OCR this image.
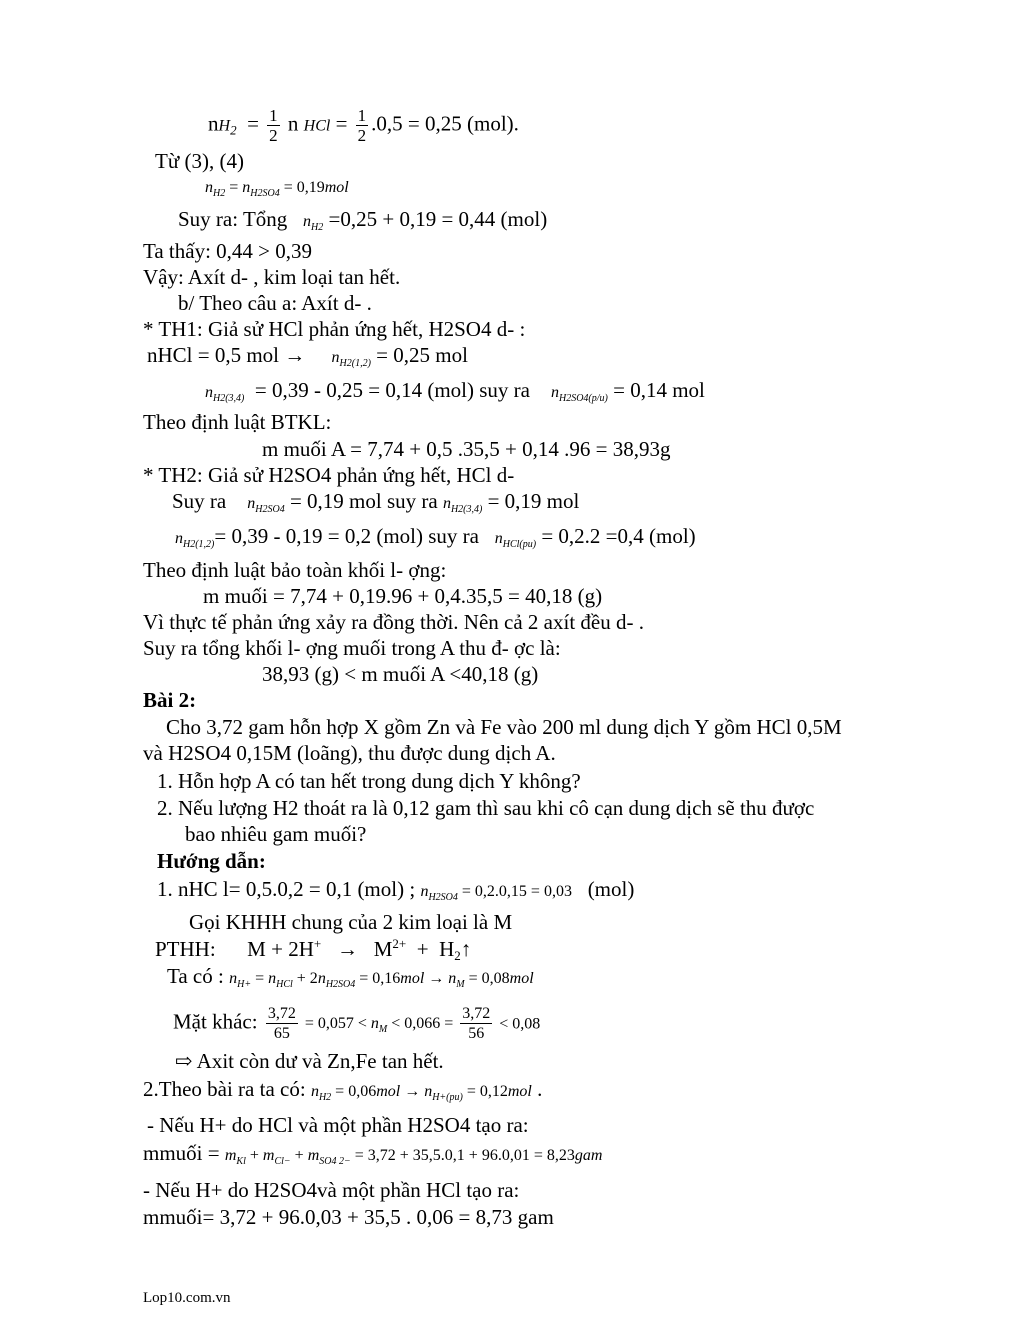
$nH_2 = \frac{1}{2}$ n HCl = $\frac{1}{2} .0,5 = 0,25$ (mol).
Từ (3), (4)
$n_{H2} = n_{H2SO4} = 0,19mol$
Suy ra: Tổng $n_{H2} =0,25 + 0,19 = 0,44$ (mol)
Ta thấy: 0,44 > 0,39
Vậy: Axít d- , kim loại tan hết.
b/ Theo câu a: Axít d- .
* TH1: Giả sử HCl phản ứng hết, H2SO4 d- :
nHCl = 0,5 mol → $n_{H2(1,2)} = 0,25$ mol
$n_{H2(3,4)} = 0,39 - 0,25 = 0,14$ (mol) suy ra $n_{H2SO4(p/u)} = 0,14$ mol
Theo định luật BTKL:
m muối A = 7,74 + 0,5 .35,5 + 0,14 .96 = 38,93g
* TH2: Giả sử H2SO4 phản ứng hết, HCl d-
Suy ra $n_{H2SO4} = 0,19$ mol suy ra $n_{H2(3,4)} = 0,19$ mol
$n_{H2(1,2)}= 0,39 - 0,19 = 0,2$ (mol) suy ra $n_{HCl(pu)} = 0,2.2 =0,4$ (mol)
Theo định luật bảo toàn khối l- ợng:
m muối = 7,74 + 0,19.96 + 0,4.35,5 = 40,18 (g)
Vì thực tế phản ứng xảy ra đồng thời. Nên cả 2 axít đều d- .
Suy ra tổng khối l- ợng muối trong A thu đ- ợc là:
38,93 (g) < m muối A <40,18 (g)
Bài 2:
Cho 3,72 gam hỗn hợp X gồm Zn và Fe vào 200 ml dung dịch Y gồm HCl 0,5M
và H2SO4 0,15M (loãng), thu được dung dịch A.
1. Hỗn hợp A có tan hết trong dung dịch Y không?
2. Nếu lượng H2 thoát ra là 0,12 gam thì sau khi cô cạn dung dịch sẽ thu được
bao nhiêu gam muối?
Hướng dẫn:
1. nHC l= 0,5.0,2 = 0,1 (mol) ; $n_{H2SO4} = 0,2.0,15 = 0,03$ (mol)
Gọi KHHH chung của 2 kim loại là M
PTHH:      $M + 2H^+ \to M^{2+}$  +  $H_2↑$
Ta có : $n_{H+} = n_{HCl} + 2n_{H2SO4} = 0,16mol \to n_M = 0,08mol$
Mặt khác: $\frac{3,72}{65} = 0,057 < n_M < 0,066 = \frac{3,72}{56} < 0,08$
⇨ Axit còn dư và Zn,Fe tan hết.
2.Theo bài ra ta có: $n_{H2} = 0,06mol \to n_{H+(pu)} = 0,12mol$ .
- Nếu H+ do HCl và một phần H2SO4 tạo ra:
mmuối = $m_{Kl} + m_{Cl-} + m_{SO4 2-} = 3,72 + 35,5.0,1 + 96.0,01 = 8,23gam$
- Nếu H+ do H2SO4và một phần HCl tạo ra:
mmuối= 3,72 + 96.0,03 + 35,5 . 0,06 = 8,73 gam
Lop10.com.vn
